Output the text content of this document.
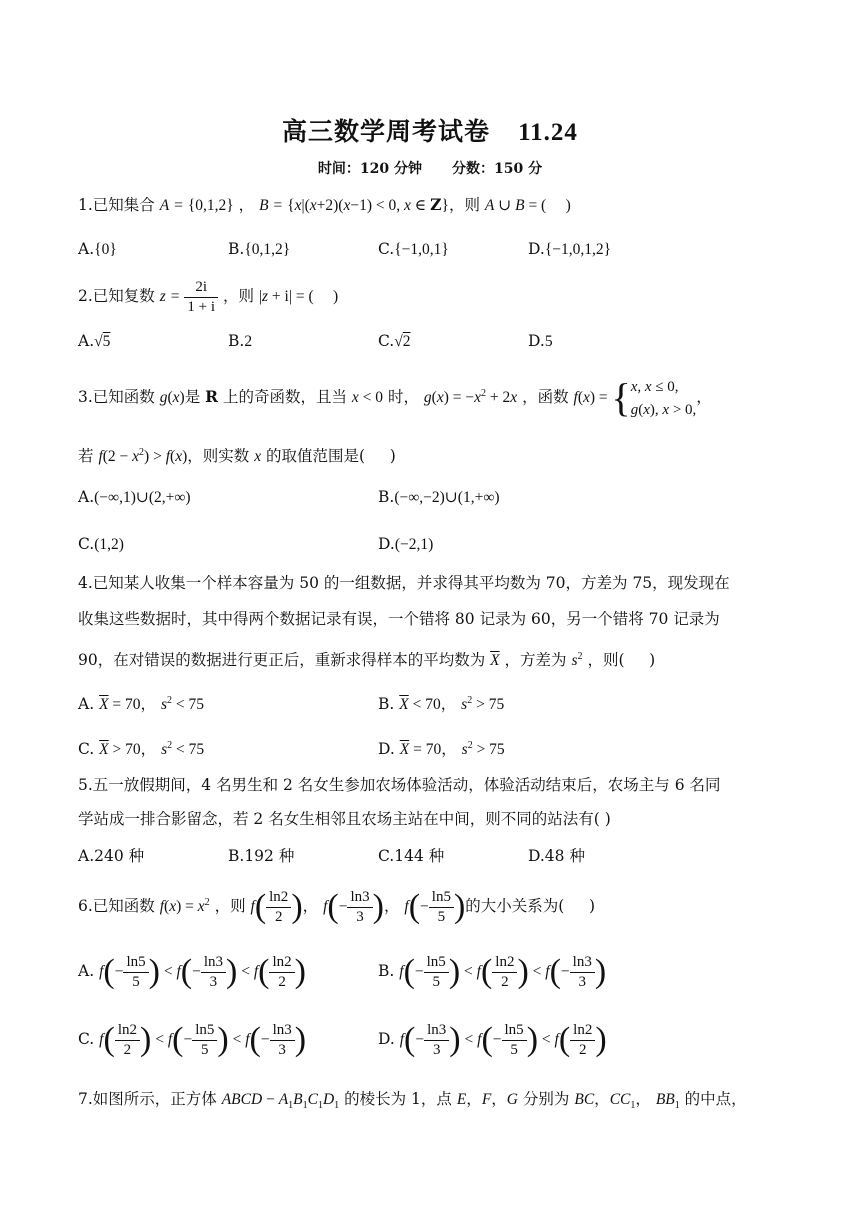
高三数学周考试卷 11.24
时间：120 分钟 分数：150 分
1.已知集合 A = {0,1,2} ， B = {x|(x+2)(x−1) < 0, x ∈ Z}，则 A ∪ B = (     )
A.{0}	B.{0,1,2}	C.{−1,0,1}	D.{−1,0,1,2}
2.已知复数 $z = \frac{2i}{1 + i}$ ，则 |z + i| = (     )
A.√5	B.2	C.√2	D.5
3.已知函数 g(x)是 R 上的奇函数，且当 x < 0 时， $g(x) = -x^2 + 2x$ ，函数 f(x) = { x, x ≤ 0,
g(x), x > 0,
，
若 $f(2 - x^2) > f(x)$，则实数 x 的取值范围是(     )
A.(−∞,1)∪(2,+∞)	B.(−∞,−2)∪(1,+∞)
C.(1,2)	D.(−2,1)
4.已知某人收集一个样本容量为 50 的一组数据，并求得其平均数为 70，方差为 75，现发现在
收集这些数据时，其中得两个数据记录有误，一个错将 80 记录为 60，另一个错将 70 记录为
90，在对错误的数据进行更正后，重新求得样本的平均数为 $\overline{X}$ ，方差为 $s^2$ ，则(     )
A. $\overline{X} = 70$， $s^2 < 75$	B. $\overline{X} < 70$， $s^2 > 75$
C. $\overline{X} > 70$， $s^2 < 75$	D. $\overline{X} = 70$， $s^2 > 75$
5.五一放假期间，4 名男生和 2 名女生参加农场体验活动，体验活动结束后，农场主与 6 名同
学站成一排合影留念，若 2 名女生相邻且农场主站在中间，则不同的站法有( )
A.240 种	B.192 种	C.144 种	D.48 种
6.已知函数 $f(x) = x^2$ ，则 $f( \frac{\ln 2}{2}$ )， $f(- \frac{\ln 3}{3}$ )， $f(- \frac{\ln 5}{5}$ )的大小关系为(     )
A. $f(- \frac{\ln 5}{5}$ ) < $f(- \frac{\ln 3}{3}$ ) < $f( \frac{\ln 2}{2}$ )	B. $f(- \frac{\ln 5}{5}$ ) < $f( \frac{\ln 2}{2}$ ) < $f(- \frac{\ln 3}{3}$ )
C. $f( \frac{\ln 2}{2}$ ) < $f(- \frac{\ln 5}{5}$ ) < $f(- \frac{\ln 3}{3}$ )	D. $f(- \frac{\ln 3}{3}$ ) < $f(- \frac{\ln 5}{5}$ ) < $f( \frac{\ln 2}{2}$ )
7.如图所示，正方体 ABCD − $A_1B_1C_1D_1$ 的棱长为 1，点 E，F，G 分别为 BC，$CC_1$， $BB_1$ 的中点，
